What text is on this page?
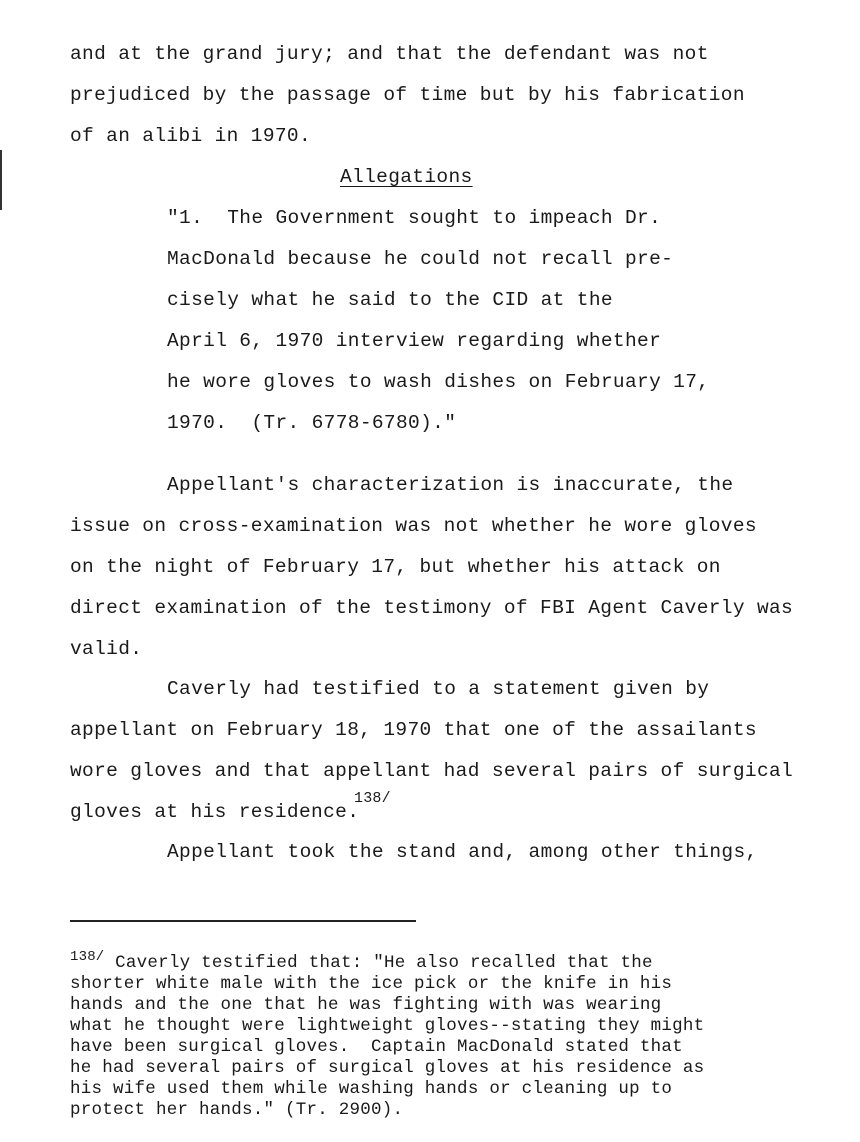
and at the grand jury; and that the defendant was not
prejudiced by the passage of time but by his fabrication
of an alibi in 1970.
Allegations
"1.  The Government sought to impeach Dr.
MacDonald because he could not recall pre-
cisely what he said to the CID at the
April 6, 1970 interview regarding whether
he wore gloves to wash dishes on February 17,
1970.  (Tr. 6778-6780)."
Appellant's characterization is inaccurate, the
issue on cross-examination was not whether he wore gloves
on the night of February 17, but whether his attack on
direct examination of the testimony of FBI Agent Caverly was
valid.
Caverly had testified to a statement given by
appellant on February 18, 1970 that one of the assailants
wore gloves and that appellant had several pairs of surgical
gloves at his residence.
138/
Appellant took the stand and, among other things,
$^{138/}$ Caverly testified that: "He also recalled that the
shorter white male with the ice pick or the knife in his
hands and the one that he was fighting with was wearing
what he thought were lightweight gloves--stating they might
have been surgical gloves.  Captain MacDonald stated that
he had several pairs of surgical gloves at his residence as
his wife used them while washing hands or cleaning up to
protect her hands." (Tr. 2900).
